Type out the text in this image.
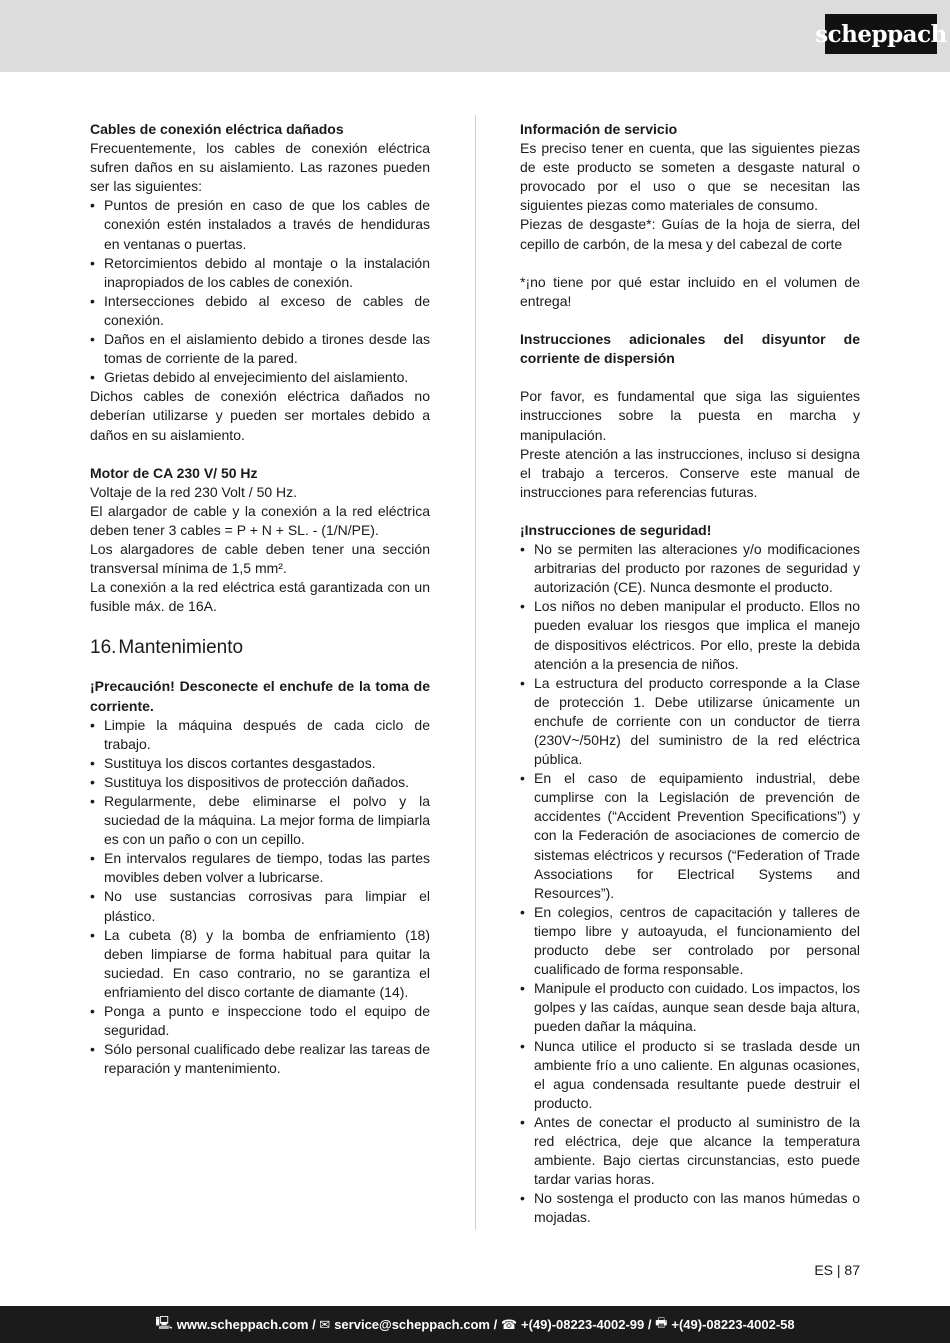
scheppach

Cables de conexión eléctrica dañados

Frecuentemente, los cables de conexión eléctrica sufren daños en su aislamiento. Las razones pueden ser las siguientes:

• Puntos de presión en caso de que los cables de conexión estén instalados a través de hendiduras en ventanas o puertas.
• Retorcimientos debido al montaje o la instalación inapropiados de los cables de conexión.
• Intersecciones debido al exceso de cables de conexión.
• Daños en el aislamiento debido a tirones desde las tomas de corriente de la pared.
• Grietas debido al envejecimiento del aislamiento.

Dichos cables de conexión eléctrica dañados no deberían utilizarse y pueden ser mortales debido a daños en su aislamiento.

Motor de CA 230 V/ 50 Hz

Voltaje de la red 230 Volt / 50 Hz.

El alargador de cable y la conexión a la red eléctrica deben tener 3 cables = P + N + SL. - (1/N/PE).

Los alargadores de cable deben tener una sección transversal mínima de 1,5 mm².

La conexión a la red eléctrica está garantizada con un fusible máx. de 16A.

16. Mantenimiento

¡Precaución! Desconecte el enchufe de la toma de corriente.

• Limpie la máquina después de cada ciclo de trabajo.
• Sustituya los discos cortantes desgastados.
• Sustituya los dispositivos de protección dañados.
• Regularmente, debe eliminarse el polvo y la suciedad de la máquina. La mejor forma de limpiarla es con un paño o con un cepillo.
• En intervalos regulares de tiempo, todas las partes movibles deben volver a lubricarse.
• No use sustancias corrosivas para limpiar el plástico.
• La cubeta (8) y la bomba de enfriamiento (18) deben limpiarse de forma habitual para quitar la suciedad. En caso contrario, no se garantiza el enfriamiento del disco cortante de diamante (14).
• Ponga a punto e inspeccione todo el equipo de seguridad.
• Sólo personal cualificado debe realizar las tareas de reparación y mantenimiento.

Información de servicio

Es preciso tener en cuenta, que las siguientes piezas de este producto se someten a desgaste natural o provocado por el uso o que se necesitan las siguientes piezas como materiales de consumo.

Piezas de desgaste*: Guías de la hoja de sierra, del cepillo de carbón, de la mesa y del cabezal de corte

*¡no tiene por qué estar incluido en el volumen de entrega!

Instrucciones adicionales del disyuntor de corriente de dispersión

Por favor, es fundamental que siga las siguientes instrucciones sobre la puesta en marcha y manipulación.

Preste atención a las instrucciones, incluso si designa el trabajo a terceros. Conserve este manual de instrucciones para referencias futuras.

¡Instrucciones de seguridad!

• No se permiten las alteraciones y/o modificaciones arbitrarias del producto por razones de seguridad y autorización (CE). Nunca desmonte el producto.
• Los niños no deben manipular el producto. Ellos no pueden evaluar los riesgos que implica el manejo de dispositivos eléctricos. Por ello, preste la debida atención a la presencia de niños.
• La estructura del producto corresponde a la Clase de protección 1. Debe utilizarse únicamente un enchufe de corriente con un conductor de tierra (230V~/50Hz) del suministro de la red eléctrica pública.
• En el caso de equipamiento industrial, debe cumplirse con la Legislación de prevención de accidentes (“Accident Prevention Specifications”) y con la Federación de asociaciones de comercio de sistemas eléctricos y recursos (“Federation of Trade Associations for Electrical Systems and Resources”).
• En colegios, centros de capacitación y talleres de tiempo libre y autoayuda, el funcionamiento del producto debe ser controlado por personal cualificado de forma responsable.
• Manipule el producto con cuidado. Los impactos, los golpes y las caídas, aunque sean desde baja altura, pueden dañar la máquina.
• Nunca utilice el producto si se traslada desde un ambiente frío a uno caliente. En algunas ocasiones, el agua condensada resultante puede destruir el producto.
• Antes de conectar el producto al suministro de la red eléctrica, deje que alcance la temperatura ambiente. Bajo ciertas circunstancias, esto puede tardar varias horas.
• No sostenga el producto con las manos húmedas o mojadas.
ES | 87
🖳 www.scheppach.com / ✉ service@scheppach.com / ☎ +(49)-08223-4002-99 / 🖶 +(49)-08223-4002-58
